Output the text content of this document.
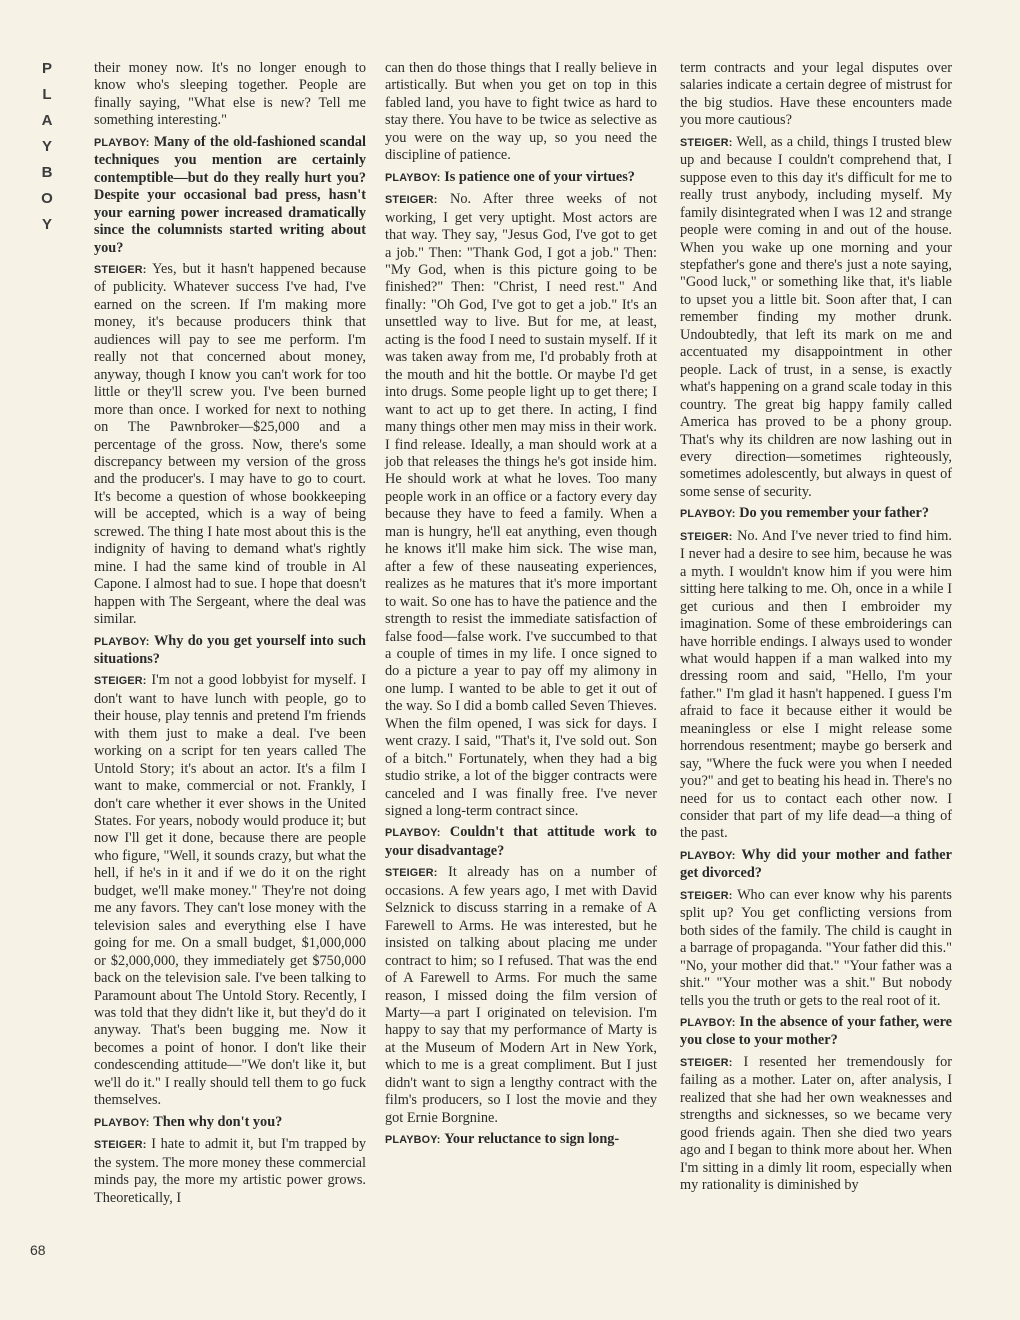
P
L
A
Y
B
O
Y
68

their money now. It's no longer enough to know who's sleeping together. People are finally saying, "What else is new? Tell me something interesting."

PLAYBOY: Many of the old-fashioned scandal techniques you mention are certainly contemptible—but do they really hurt you? Despite your occasional bad press, hasn't your earning power increased dramatically since the columnists started writing about you?

STEIGER: Yes, but it hasn't happened because of publicity. Whatever success I've had, I've earned on the screen. If I'm making more money, it's because producers think that audiences will pay to see me perform. I'm really not that concerned about money, anyway, though I know you can't work for too little or they'll screw you. I've been burned more than once. I worked for next to nothing on The Pawnbroker—$25,000 and a percentage of the gross. Now, there's some discrepancy between my version of the gross and the producer's. I may have to go to court. It's become a question of whose bookkeeping will be accepted, which is a way of being screwed. The thing I hate most about this is the indignity of having to demand what's rightly mine. I had the same kind of trouble in Al Capone. I almost had to sue. I hope that doesn't happen with The Sergeant, where the deal was similar.

PLAYBOY: Why do you get yourself into such situations?

STEIGER: I'm not a good lobbyist for myself. I don't want to have lunch with people, go to their house, play tennis and pretend I'm friends with them just to make a deal. I've been working on a script for ten years called The Untold Story; it's about an actor. It's a film I want to make, commercial or not. Frankly, I don't care whether it ever shows in the United States. For years, nobody would produce it; but now I'll get it done, because there are people who figure, "Well, it sounds crazy, but what the hell, if he's in it and if we do it on the right budget, we'll make money." They're not doing me any favors. They can't lose money with the television sales and everything else I have going for me. On a small budget, $1,000,000 or $2,000,000, they immediately get $750,000 back on the television sale. I've been talking to Paramount about The Untold Story. Recently, I was told that they didn't like it, but they'd do it anyway. That's been bugging me. Now it becomes a point of honor. I don't like their condescending attitude—"We don't like it, but we'll do it." I really should tell them to go fuck themselves.

PLAYBOY: Then why don't you?

STEIGER: I hate to admit it, but I'm trapped by the system. The more money these commercial minds pay, the more my artistic power grows. Theoretically, I

can then do those things that I really believe in artistically. But when you get on top in this fabled land, you have to fight twice as hard to stay there. You have to be twice as selective as you were on the way up, so you need the discipline of patience.

PLAYBOY: Is patience one of your virtues?

STEIGER: No. After three weeks of not working, I get very uptight. Most actors are that way. They say, "Jesus God, I've got to get a job." Then: "Thank God, I got a job." Then: "My God, when is this picture going to be finished?" Then: "Christ, I need rest." And finally: "Oh God, I've got to get a job." It's an unsettled way to live. But for me, at least, acting is the food I need to sustain myself. If it was taken away from me, I'd probably froth at the mouth and hit the bottle. Or maybe I'd get into drugs. Some people light up to get there; I want to act up to get there. In acting, I find many things other men may miss in their work. I find release. Ideally, a man should work at a job that releases the things he's got inside him. He should work at what he loves. Too many people work in an office or a factory every day because they have to feed a family. When a man is hungry, he'll eat anything, even though he knows it'll make him sick. The wise man, after a few of these nauseating experiences, realizes as he matures that it's more important to wait. So one has to have the patience and the strength to resist the immediate satisfaction of false food—false work. I've succumbed to that a couple of times in my life. I once signed to do a picture a year to pay off my alimony in one lump. I wanted to be able to get it out of the way. So I did a bomb called Seven Thieves. When the film opened, I was sick for days. I went crazy. I said, "That's it, I've sold out. Son of a bitch." Fortunately, when they had a big studio strike, a lot of the bigger contracts were canceled and I was finally free. I've never signed a long-term contract since.

PLAYBOY: Couldn't that attitude work to your disadvantage?

STEIGER: It already has on a number of occasions. A few years ago, I met with David Selznick to discuss starring in a remake of A Farewell to Arms. He was interested, but he insisted on talking about placing me under contract to him; so I refused. That was the end of A Farewell to Arms. For much the same reason, I missed doing the film version of Marty—a part I originated on television. I'm happy to say that my performance of Marty is at the Museum of Modern Art in New York, which to me is a great compliment. But I just didn't want to sign a lengthy contract with the film's producers, so I lost the movie and they got Ernie Borgnine.

PLAYBOY: Your reluctance to sign long-

term contracts and your legal disputes over salaries indicate a certain degree of mistrust for the big studios. Have these encounters made you more cautious?

STEIGER: Well, as a child, things I trusted blew up and because I couldn't comprehend that, I suppose even to this day it's difficult for me to really trust anybody, including myself. My family disintegrated when I was 12 and strange people were coming in and out of the house. When you wake up one morning and your stepfather's gone and there's just a note saying, "Good luck," or something like that, it's liable to upset you a little bit. Soon after that, I can remember finding my mother drunk. Undoubtedly, that left its mark on me and accentuated my disappointment in other people. Lack of trust, in a sense, is exactly what's happening on a grand scale today in this country. The great big happy family called America has proved to be a phony group. That's why its children are now lashing out in every direction—sometimes righteously, sometimes adolescently, but always in quest of some sense of security.

PLAYBOY: Do you remember your father?

STEIGER: No. And I've never tried to find him. I never had a desire to see him, because he was a myth. I wouldn't know him if you were him sitting here talking to me. Oh, once in a while I get curious and then I embroider my imagination. Some of these embroiderings can have horrible endings. I always used to wonder what would happen if a man walked into my dressing room and said, "Hello, I'm your father." I'm glad it hasn't happened. I guess I'm afraid to face it because either it would be meaningless or else I might release some horrendous resentment; maybe go berserk and say, "Where the fuck were you when I needed you?" and get to beating his head in. There's no need for us to contact each other now. I consider that part of my life dead—a thing of the past.

PLAYBOY: Why did your mother and father get divorced?

STEIGER: Who can ever know why his parents split up? You get conflicting versions from both sides of the family. The child is caught in a barrage of propaganda. "Your father did this." "No, your mother did that." "Your father was a shit." "Your mother was a shit." But nobody tells you the truth or gets to the real root of it.

PLAYBOY: In the absence of your father, were you close to your mother?

STEIGER: I resented her tremendously for failing as a mother. Later on, after analysis, I realized that she had her own weaknesses and strengths and sicknesses, so we became very good friends again. Then she died two years ago and I began to think more about her. When I'm sitting in a dimly lit room, especially when my rationality is diminished by
